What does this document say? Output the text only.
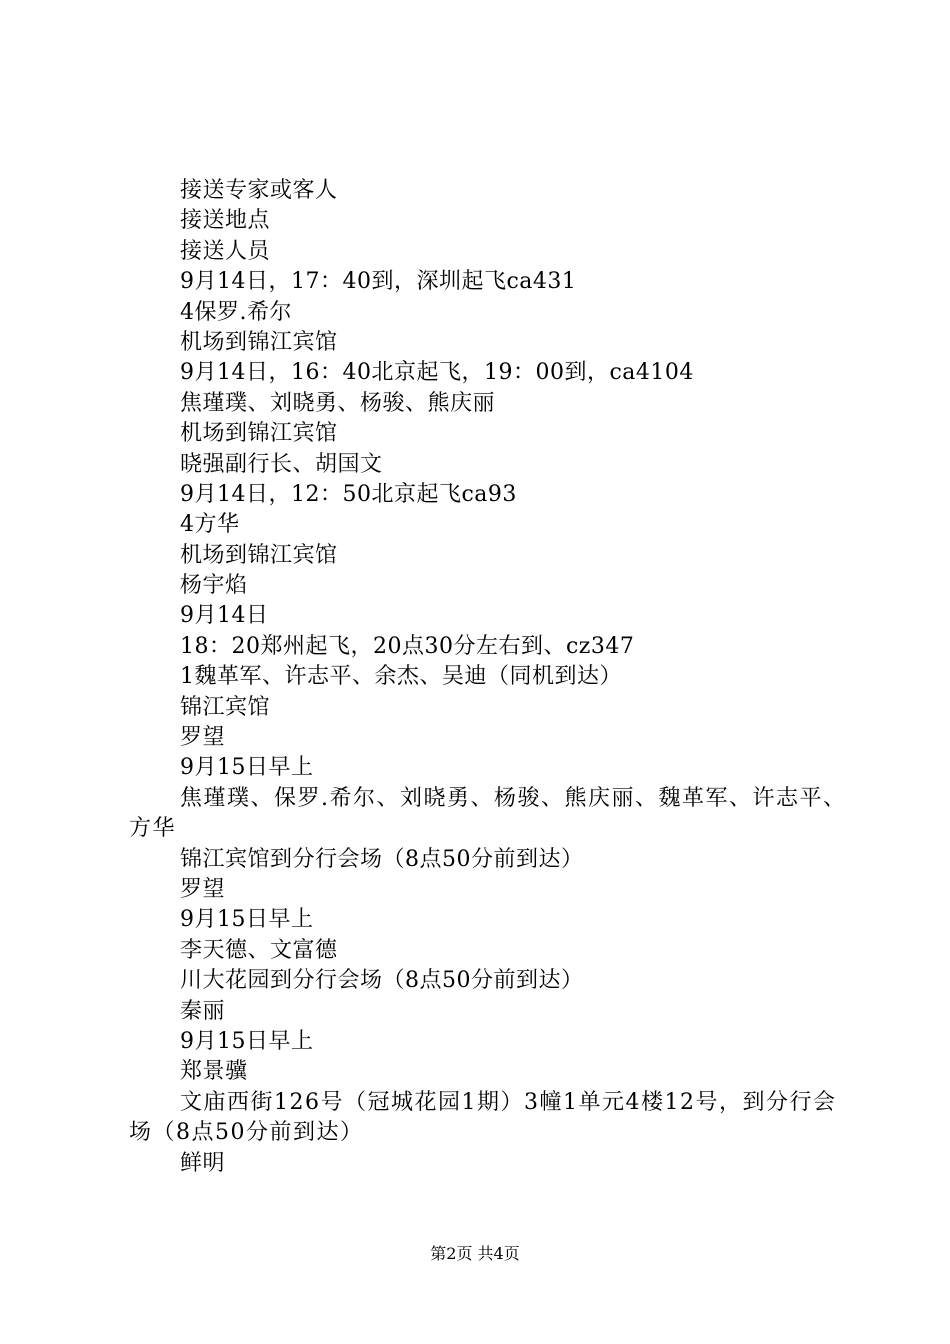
接送专家或客人
接送地点
接送人员
9月14日，17：40到，深圳起飞ca431
4保罗.希尔
机场到锦江宾馆
9月14日，16：40北京起飞，19：00到，ca4104
焦瑾璞、刘晓勇、杨骏、熊庆丽
机场到锦江宾馆
晓强副行长、胡国文
9月14日，12：50北京起飞ca93
4方华
机场到锦江宾馆
杨宇焰
9月14日
18：20郑州起飞，20点30分左右到、cz347
1魏革军、许志平、余杰、吴迪（同机到达）
锦江宾馆
罗望
9月15日早上
焦瑾璞、保罗.希尔、刘晓勇、杨骏、熊庆丽、魏革军、许志平、方华
锦江宾馆到分行会场（8点50分前到达）
罗望
9月15日早上
李天德、文富德
川大花园到分行会场（8点50分前到达）
秦丽
9月15日早上
郑景骥
文庙西街126号（冠城花园1期）3幢1单元4楼12号，到分行会场（8点50分前到达）
鲜明
第2页 共4页
